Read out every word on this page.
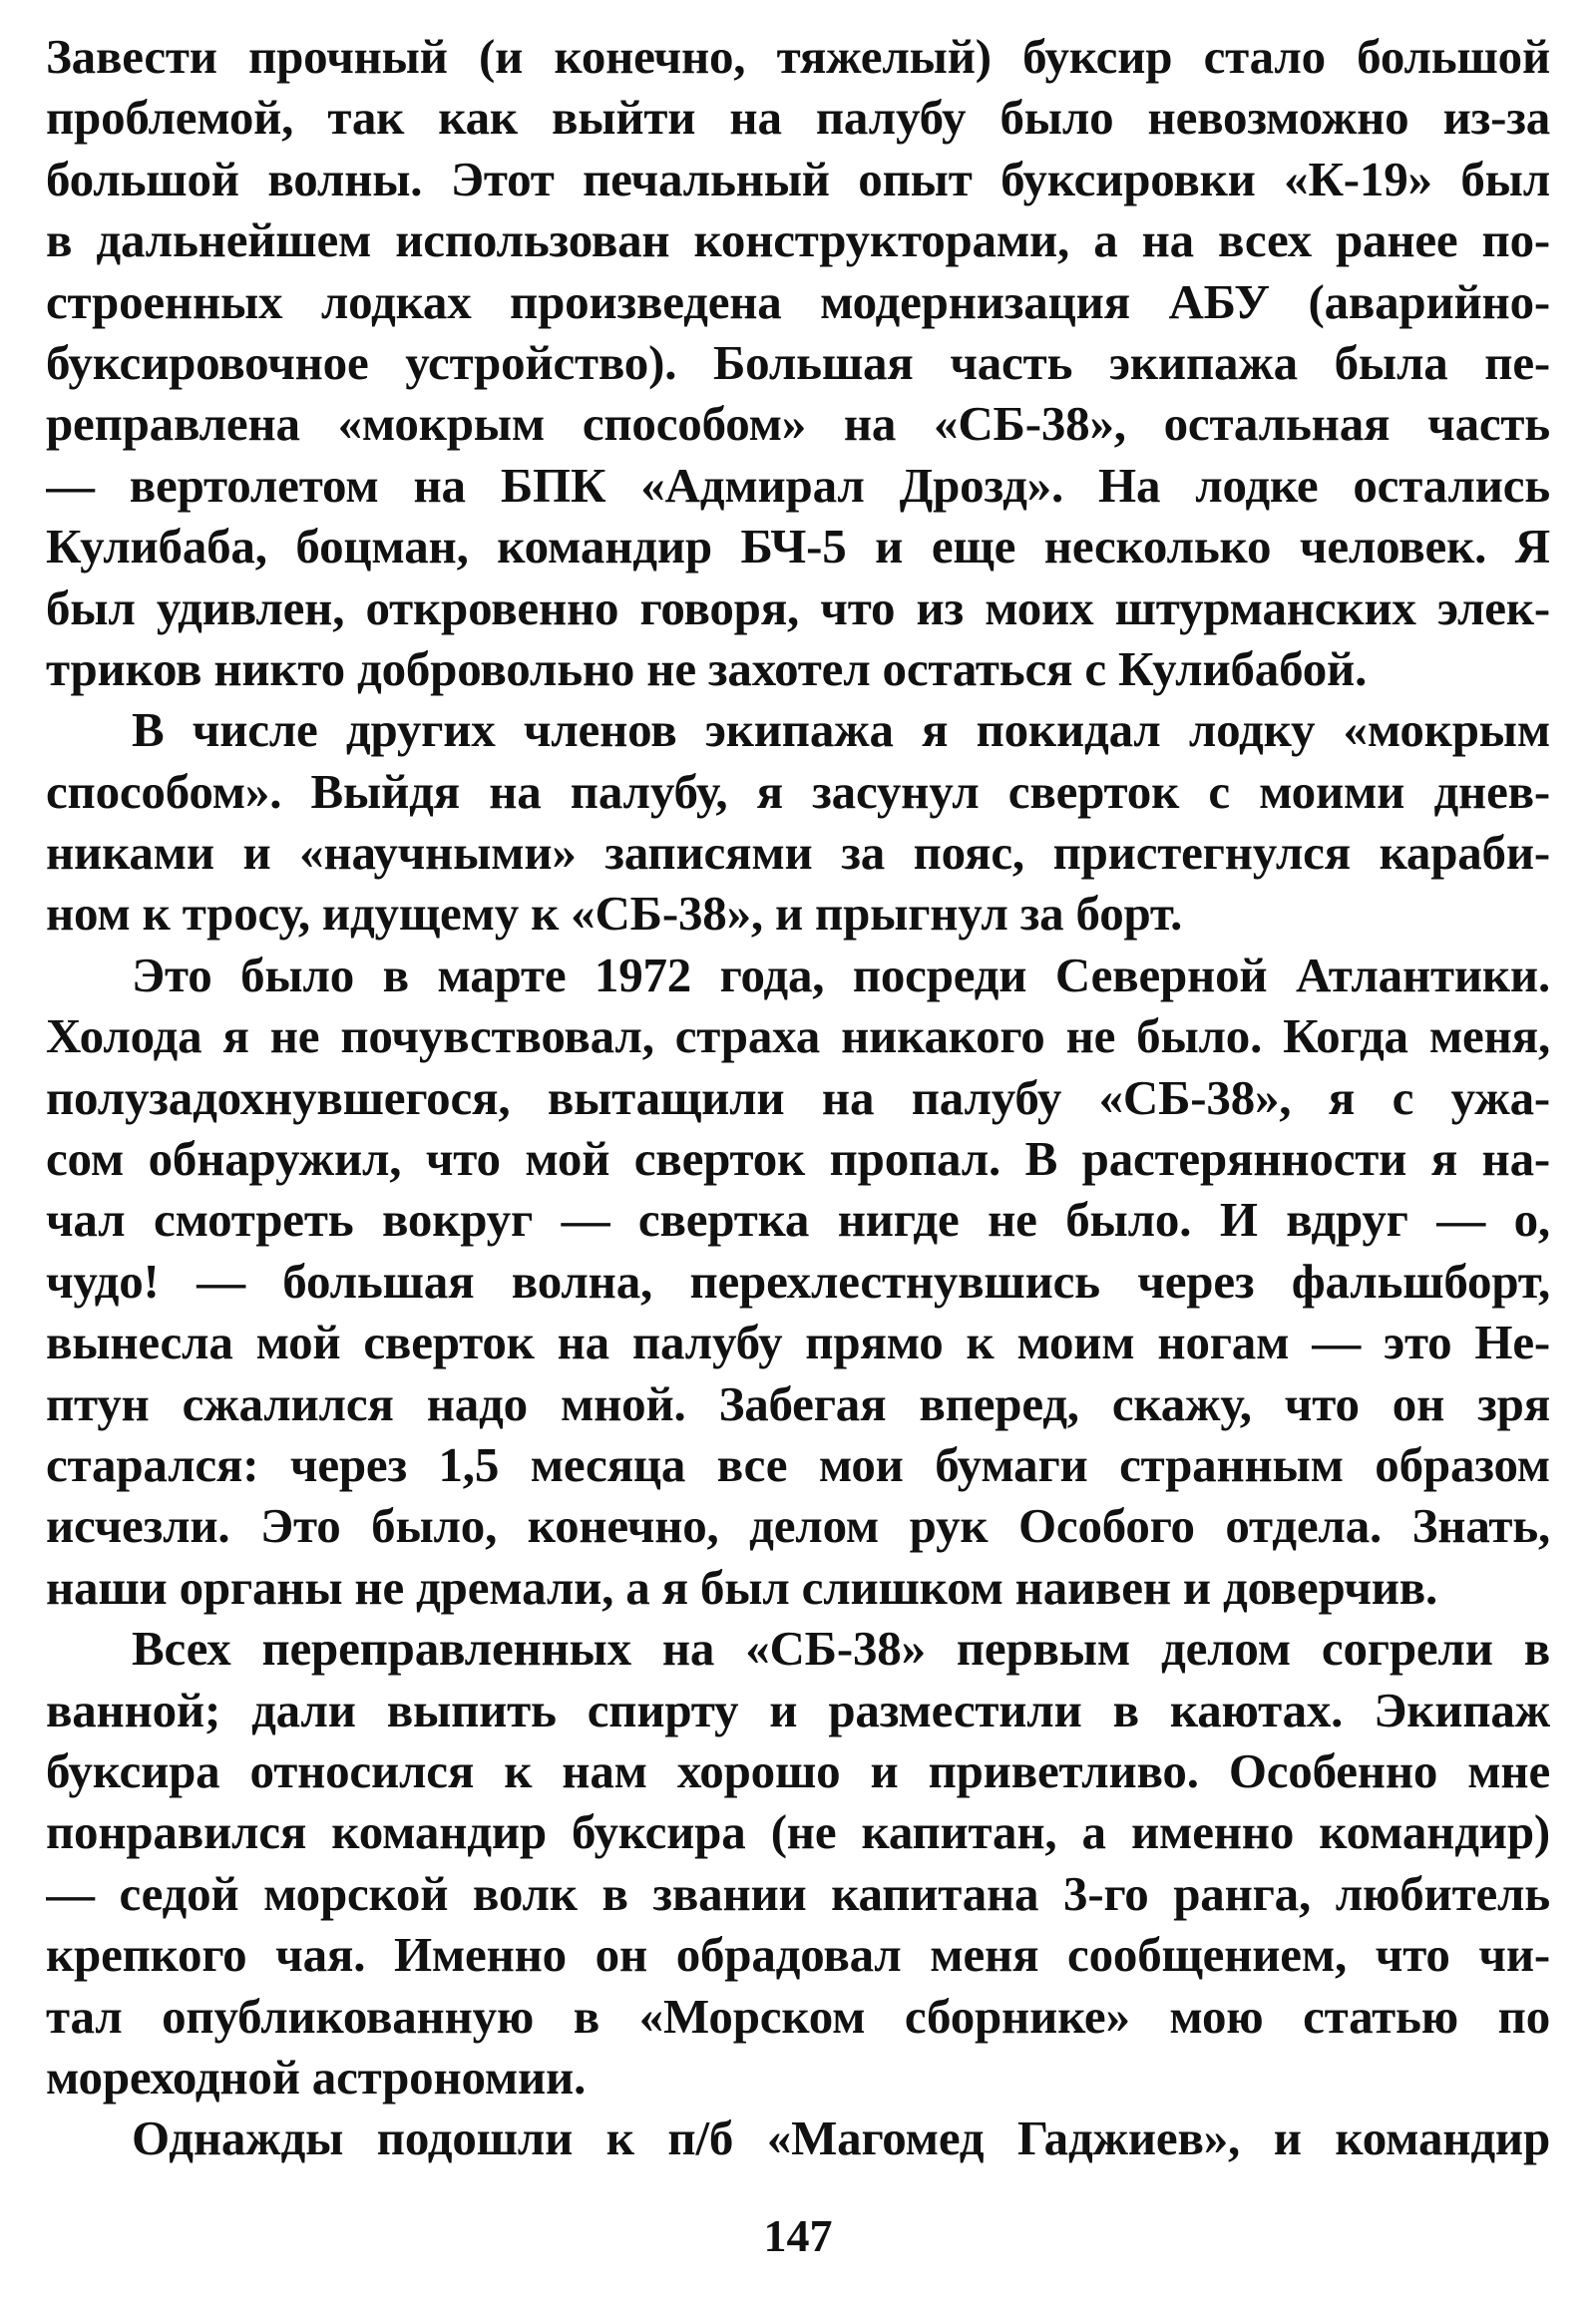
Завести прочный (и конечно, тяжелый) буксир стало большой
проблемой, так как выйти на палубу было невозможно из-за
большой волны. Этот печальный опыт буксировки «К-19» был
в дальнейшем использован конструкторами, а на всех ранее по-
строенных лодках произведена модернизация АБУ (аварийно-
буксировочное устройство). Большая часть экипажа была пе-
реправлена «мокрым способом» на «СБ-38», остальная часть
— вертолетом на БПК «Адмирал Дрозд». На лодке остались
Кулибаба, боцман, командир БЧ-5 и еще несколько человек. Я
был удивлен, откровенно говоря, что из моих штурманских элек-
триков никто добровольно не захотел остаться с Кулибабой.
В числе других членов экипажа я покидал лодку «мокрым
способом». Выйдя на палубу, я засунул сверток с моими днев-
никами и «научными» записями за пояс, пристегнулся караби-
ном к тросу, идущему к «СБ-38», и прыгнул за борт.
Это было в марте 1972 года, посреди Северной Атлантики.
Холода я не почувствовал, страха никакого не было. Когда меня,
полузадохнувшегося, вытащили на палубу «СБ-38», я с ужа-
сом обнаружил, что мой сверток пропал. В растерянности я на-
чал смотреть вокруг — свертка нигде не было. И вдруг — о,
чудо! — большая волна, перехлестнувшись через фальшборт,
вынесла мой сверток на палубу прямо к моим ногам — это Не-
птун сжалился надо мной. Забегая вперед, скажу, что он зря
старался: через 1,5 месяца все мои бумаги странным образом
исчезли. Это было, конечно, делом рук Особого отдела. Знать,
наши органы не дремали, а я был слишком наивен и доверчив.
Всех переправленных на «СБ-38» первым делом согрели в
ванной; дали выпить спирту и разместили в каютах. Экипаж
буксира относился к нам хорошо и приветливо. Особенно мне
понравился командир буксира (не капитан, а именно командир)
— седой морской волк в звании капитана 3-го ранга, любитель
крепкого чая. Именно он обрадовал меня сообщением, что чи-
тал опубликованную в «Морском сборнике» мою статью по
мореходной астрономии.
Однажды подошли к п/б «Магомед Гаджиев», и командир
147
